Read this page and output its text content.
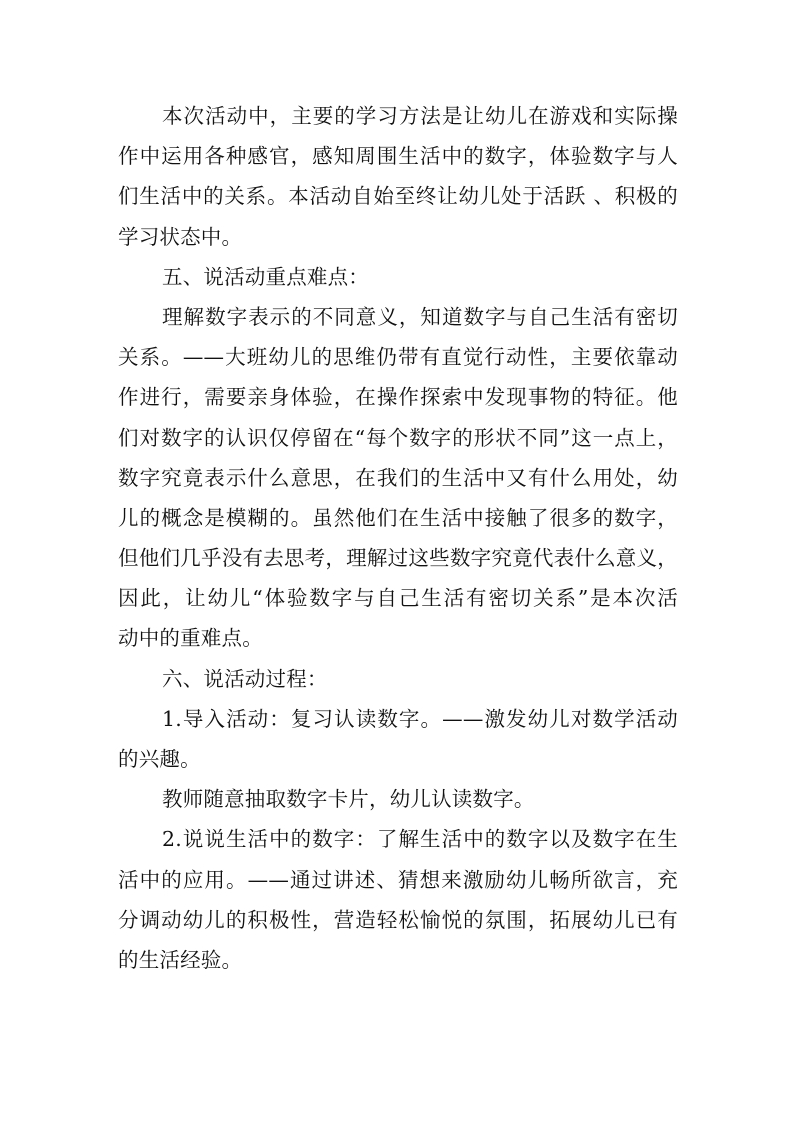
本次活动中，主要的学习方法是让幼儿在游戏和实际操
作中运用各种感官，感知周围生活中的数字，体验数字与人
们生活中的关系。本活动自始至终让幼儿处于活跃 、积极的
学习状态中。
五、说活动重点难点：
理解数字表示的不同意义，知道数字与自己生活有密切
关系。——大班幼儿的思维仍带有直觉行动性，主要依靠动
作进行，需要亲身体验，在操作探索中发现事物的特征。他
们对数字的认识仅停留在“每个数字的形状不同”这一点上，
数字究竟表示什么意思，在我们的生活中又有什么用处，幼
儿的概念是模糊的。虽然他们在生活中接触了很多的数字，
但他们几乎没有去思考，理解过这些数字究竟代表什么意义，
因此，让幼儿“体验数字与自己生活有密切关系”是本次活
动中的重难点。
六、说活动过程：
1.导入活动：复习认读数字。——激发幼儿对数学活动
的兴趣。
教师随意抽取数字卡片，幼儿认读数字。
2.说说生活中的数字：了解生活中的数字以及数字在生
活中的应用。——通过讲述、猜想来激励幼儿畅所欲言，充
分调动幼儿的积极性，营造轻松愉悦的氛围，拓展幼儿已有
的生活经验。
